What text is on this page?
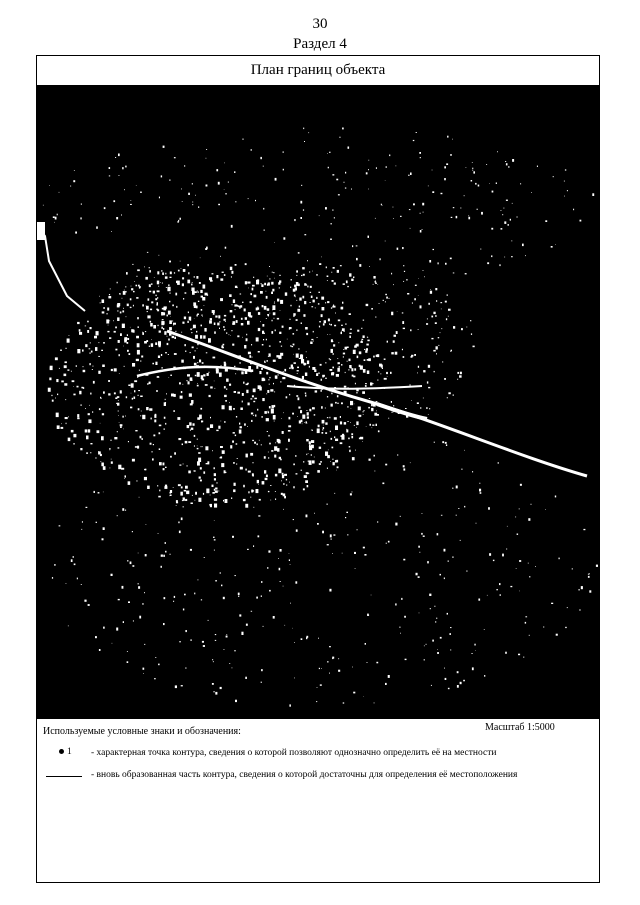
30
Раздел 4
План границ объекта
Используемые условные знаки и обозначения:	Масштаб 1:5000
1	- характерная точка контура, сведения о которой позволяют однозначно определить её на местности
- вновь образованная часть контура, сведения о которой достаточны для определения её местоположения
